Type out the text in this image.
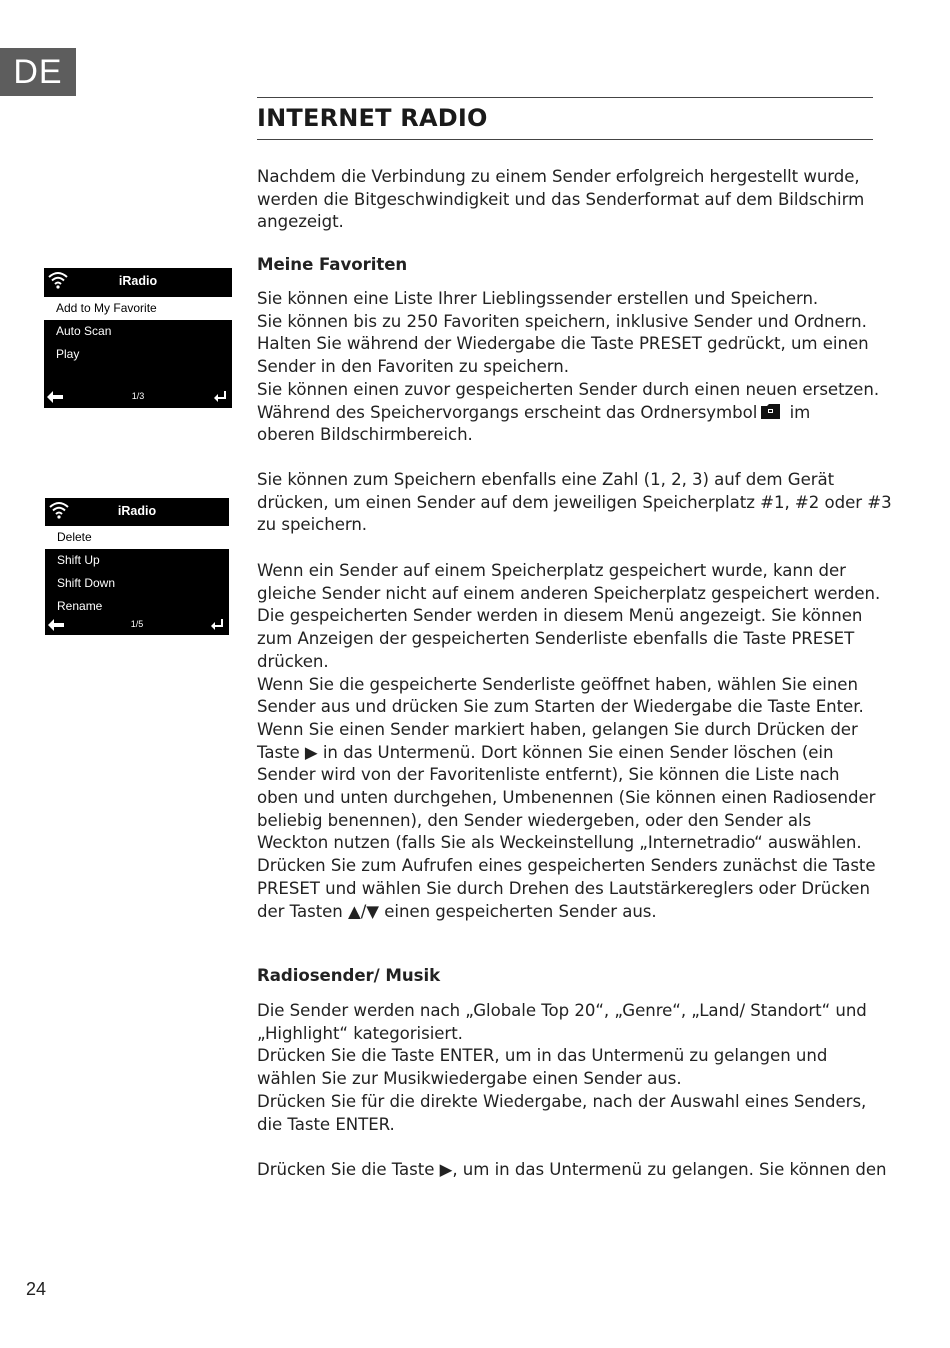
DE
INTERNET RADIO

Nachdem die Verbindung zu einem Sender erfolgreich hergestellt wurde,
werden die Bitgeschwindigkeit und das Senderformat auf dem Bildschirm
angezeigt.

Meine Favoriten

Sie können eine Liste Ihrer Lieblingssender erstellen und Speichern.
Sie können bis zu 250 Favoriten speichern, inklusive Sender und Ordnern.
Halten Sie während der Wiedergabe die Taste PRESET gedrückt, um einen
Sender in den Favoriten zu speichern.
Sie können einen zuvor gespeicherten Sender durch einen neuen ersetzen.
Während des Speichervorgangs erscheint das Ordnersymbol im
oberen Bildschirmbereich.

Sie können zum Speichern ebenfalls eine Zahl (1, 2, 3) auf dem Gerät
drücken, um einen Sender auf dem jeweiligen Speicherplatz #1, #2 oder #3
zu speichern.

Wenn ein Sender auf einem Speicherplatz gespeichert wurde, kann der
gleiche Sender nicht auf einem anderen Speicherplatz gespeichert werden.
Die gespeicherten Sender werden in diesem Menü angezeigt. Sie können
zum Anzeigen der gespeicherten Senderliste ebenfalls die Taste PRESET
drücken.
Wenn Sie die gespeicherte Senderliste geöffnet haben, wählen Sie einen
Sender aus und drücken Sie zum Starten der Wiedergabe die Taste Enter.
Wenn Sie einen Sender markiert haben, gelangen Sie durch Drücken der
Taste ▶ in das Untermenü. Dort können Sie einen Sender löschen (ein
Sender wird von der Favoritenliste entfernt), Sie können die Liste nach
oben und unten durchgehen, Umbenennen (Sie können einen Radiosender
beliebig benennen), den Sender wiedergeben, oder den Sender als
Weckton nutzen (falls Sie als Weckeinstellung „Internetradio“ auswählen.
Drücken Sie zum Aufrufen eines gespeicherten Senders zunächst die Taste
PRESET und wählen Sie durch Drehen des Lautstärkereglers oder Drücken
der Tasten ▲/▼ einen gespeicherten Sender aus.

Radiosender/ Musik

Die Sender werden nach „Globale Top 20“, „Genre“, „Land/ Standort“ und
„Highlight“ kategorisiert.
Drücken Sie die Taste ENTER, um in das Untermenü zu gelangen und
wählen Sie zur Musikwiedergabe einen Sender aus.
Drücken Sie für die direkte Wiedergabe, nach der Auswahl eines Senders,
die Taste ENTER.

Drücken Sie die Taste ▶, um in das Untermenü zu gelangen. Sie können den

iRadio
Add to My Favorite
Auto Scan
Play
1/3
iRadio
Delete
Shift Up
Shift Down
Rename
1/5
24
